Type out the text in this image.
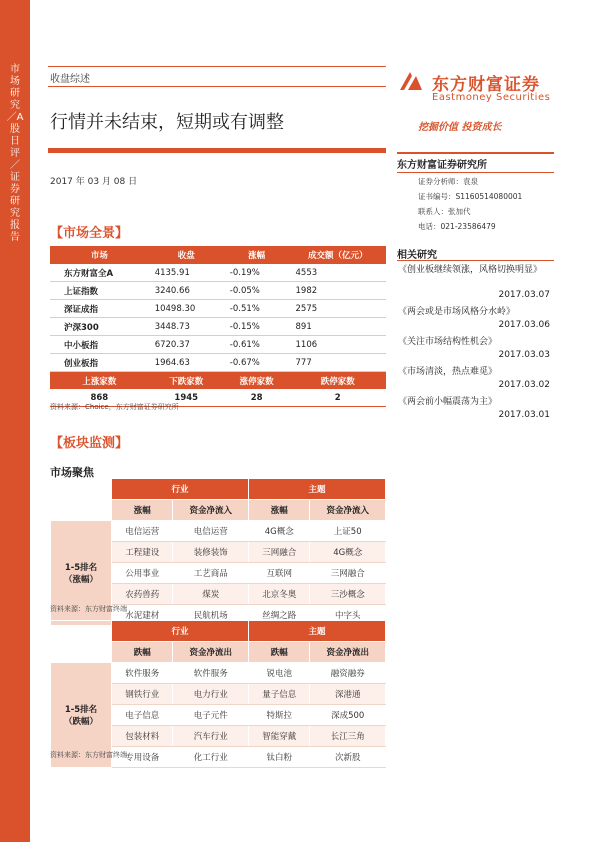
市场研究／A股日评／证券研究报告
东方财富证券
Eastmoney Securities
挖掘价值 投资成长
收盘综述
行情并未结束，短期或有调整
2017 年 03 月 08 日
【市场全景】
市场	收盘	涨幅	成交额（亿元）
东方财富全A	4135.91	-0.19%	4553
上证指数	3240.66	-0.05%	1982
深证成指	10498.30	-0.51%	2575
沪深300	3448.73	-0.15%	891
中小板指	6720.37	-0.61%	1106
创业板指	1964.63	-0.67%	777
上涨家数	下跌家数	涨停家数	跌停家数
868	1945	28	2
资料来源：Choice，东方财富证券研究所
【板块监测】
市场聚焦
	行业		主题	
	涨幅	资金净流入	涨幅	资金净流入

1-5排名
（涨幅）	电信运营	电信运营	4G概念	上证50
	工程建设	装修装饰	三网融合	4G概念
	公用事业	工艺商品	互联网	三网融合
	农药兽药	煤炭	北京冬奥	三沙概念
	水泥建材	民航机场	丝绸之路	中字头
资料来源：东方财富终端
	行业		主题	
	跌幅	资金净流出	跌幅	资金净流出

1-5排名
（跌幅）	软件服务	软件服务	锐电池	融资融券
	钢铁行业	电力行业	量子信息	深港通
	电子信息	电子元件	特斯拉	深成500
	包装材料	汽车行业	智能穿戴	长江三角
	专用设备	化工行业	钛白粉	次新股
资料来源：东方财富终端
东方财富证券研究所
证券分析师：袁泉
证书编号：S1160514080001
联系人：张加代
电话：021-23586479
相关研究
《创业板继续领涨，风格切换明显》
2017.03.07
《两会或是市场风格分水岭》
2017.03.06
《关注市场结构性机会》
2017.03.03
《市场清淡，热点难觅》
2017.03.02
《两会前小幅震荡为主》
2017.03.01
